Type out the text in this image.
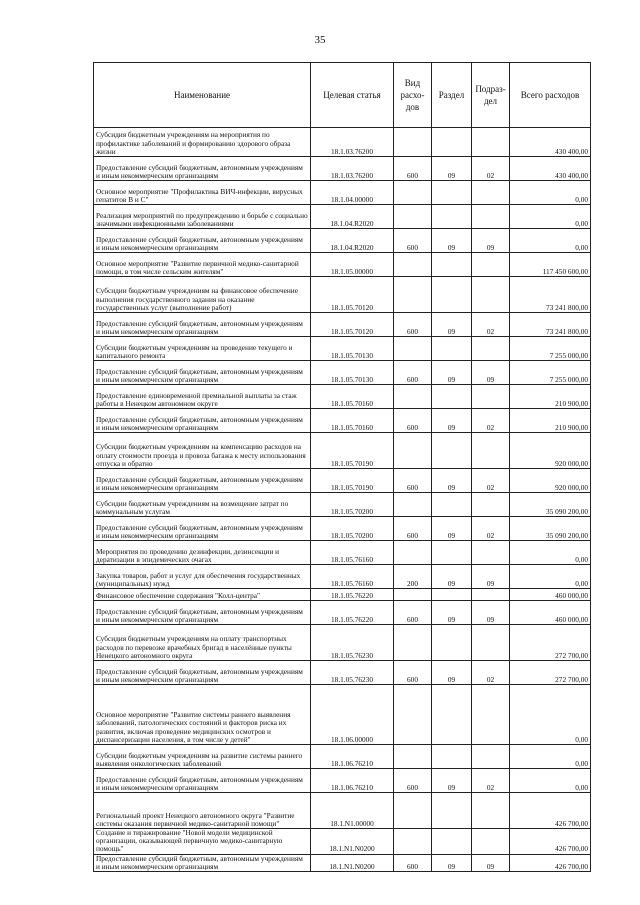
35
Наименование	Целевая статья	Вид расхо-дов	Раздел	Подраз-дел	Всего расходов
Субсидия бюджетным учреждениям на мероприятия по профилактике заболеваний и формированию здорового образа жизни	18.1.03.76200				430 400,00
Предоставление субсидий бюджетным, автономным учреждениям и иным некоммерческим организациям	18.1.03.76200	600	09	02	430 400,00
Основное мероприятие "Профилактика ВИЧ-инфекции, вирусных гепатитов В и С"	18.1.04.00000				0,00
Реализация мероприятий по предупреждению и борьбе с социально значимыми инфекционными заболеваниями	18.1.04.R2020				0,00
Предоставление субсидий бюджетным, автономным учреждениям и иным некоммерческим организациям	18.1.04.R2020	600	09	09	0,00
Основное мероприятие "Развитие первичной медико-санитарной помощи, в том числе сельским жителям"	18.1.05.00000				117 450 600,00
Субсидии бюджетным учреждениям на финансовое обеспечение выполнения государственного задания на оказание государственных услуг (выполнение работ)	18.1.05.70120				73 241 800,00
Предоставление субсидий бюджетным, автономным учреждениям и иным некоммерческим организациям	18.1.05.70120	600	09	02	73 241 800,00
Субсидии бюджетным учреждениям на проведение текущего и капитального ремонта	18.1.05.70130				7 255 000,00
Предоставление субсидий бюджетным, автономным учреждениям и иным некоммерческим организациям	18.1.05.70130	600	09	09	7 255 000,00
Предоставление единовременной премиальной выплаты за стаж работы в Ненецком автономном округе	18.1.05.70160				210 900,00
Предоставление субсидий бюджетным, автономным учреждениям и иным некоммерческим организациям	18.1.05.70160	600	09	02	210 900,00
Субсидии бюджетным учреждениям на компенсацию расходов на оплату стоимости проезда и провоза багажа к месту использования отпуска и обратно	18.1.05.70190				920 000,00
Предоставление субсидий бюджетным, автономным учреждениям и иным некоммерческим организациям	18.1.05.70190	600	09	02	920 000,00
Субсидии бюджетным учреждениям на возмещение затрат по коммунальным услугам	18.1.05.70200				35 090 200,00
Предоставление субсидий бюджетным, автономным учреждениям и иным некоммерческим организациям	18.1.05.70200	600	09	02	35 090 200,00
Мероприятия по проведению дезинфекции, дезинсекции и дератизации в эпидемических очагах	18.1.05.76160				0,00
Закупка товаров, работ и услуг для обеспечения государственных (муниципальных) нужд	18.1.05.76160	200	09	09	0,00
Финансовое обеспечение содержания "Колл-центра"	18.1.05.76220				460 000,00
Предоставление субсидий бюджетным, автономным учреждениям и иным некоммерческим организациям	18.1.05.76220	600	09	09	460 000,00
Субсидия бюджетным учреждениям на оплату транспортных расходов по перевозке врачебных бригад в населённые пункты Ненецкого автономного округа	18.1.05.76230				272 700,00
Предоставление субсидий бюджетным, автономным учреждениям и иным некоммерческим организациям	18.1.05.76230	600	09	02	272 700,00
Основное мероприятие "Развитие системы раннего выявления заболеваний, патологических состояний и факторов риска их развития, включая проведение медицинских осмотров и диспансеризации населения, в том числе у детей"	18.1.06.00000				0,00
Субсидии бюджетным учреждениям на развитие системы раннего выявления онкологических заболеваний	18.1.06.76210				0,00
Предоставление субсидий бюджетным, автономным учреждениям и иным некоммерческим организациям	18.1.06.76210	600	09	02	0,00
Региональный проект Ненецкого автономного округа "Развитие системы оказания первичной медико-санитарной помощи"	18.1.N1.00000				426 700,00
Создание и тиражирование "Новой модели медицинской организации, оказывающей первичную медико-санитарную помощь"	18.1.N1.N0200				426 700,00
Предоставление субсидий бюджетным, автономным учреждениям и иным некоммерческим организациям	18.1.N1.N0200	600	09	09	426 700,00
